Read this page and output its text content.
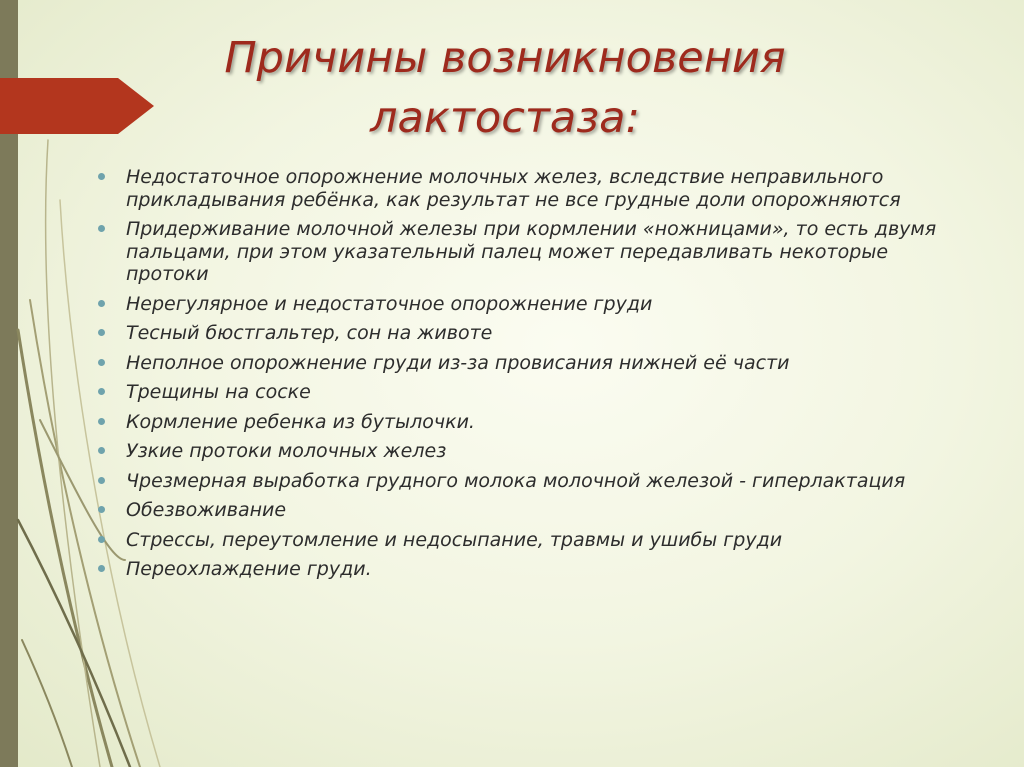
Причины возникновения
лактостаза:
Недостаточное опорожнение молочных желез, вследствие неправильного прикладывания ребёнка, как результат не все грудные доли опорожняются
Придерживание молочной железы при кормлении «ножницами», то есть двумя пальцами, при этом указательный палец может передавливать некоторые протоки
Нерегулярное и недостаточное опорожнение груди
Тесный бюстгальтер, сон на животе
Неполное опорожнение груди из-за провисания нижней её части
Трещины на соске
Кормление ребенка из бутылочки.
Узкие протоки молочных желез
Чрезмерная выработка грудного молока молочной железой - гиперлактация
Обезвоживание
Стрессы, переутомление и недосыпание, травмы и ушибы груди
Переохлаждение груди.
